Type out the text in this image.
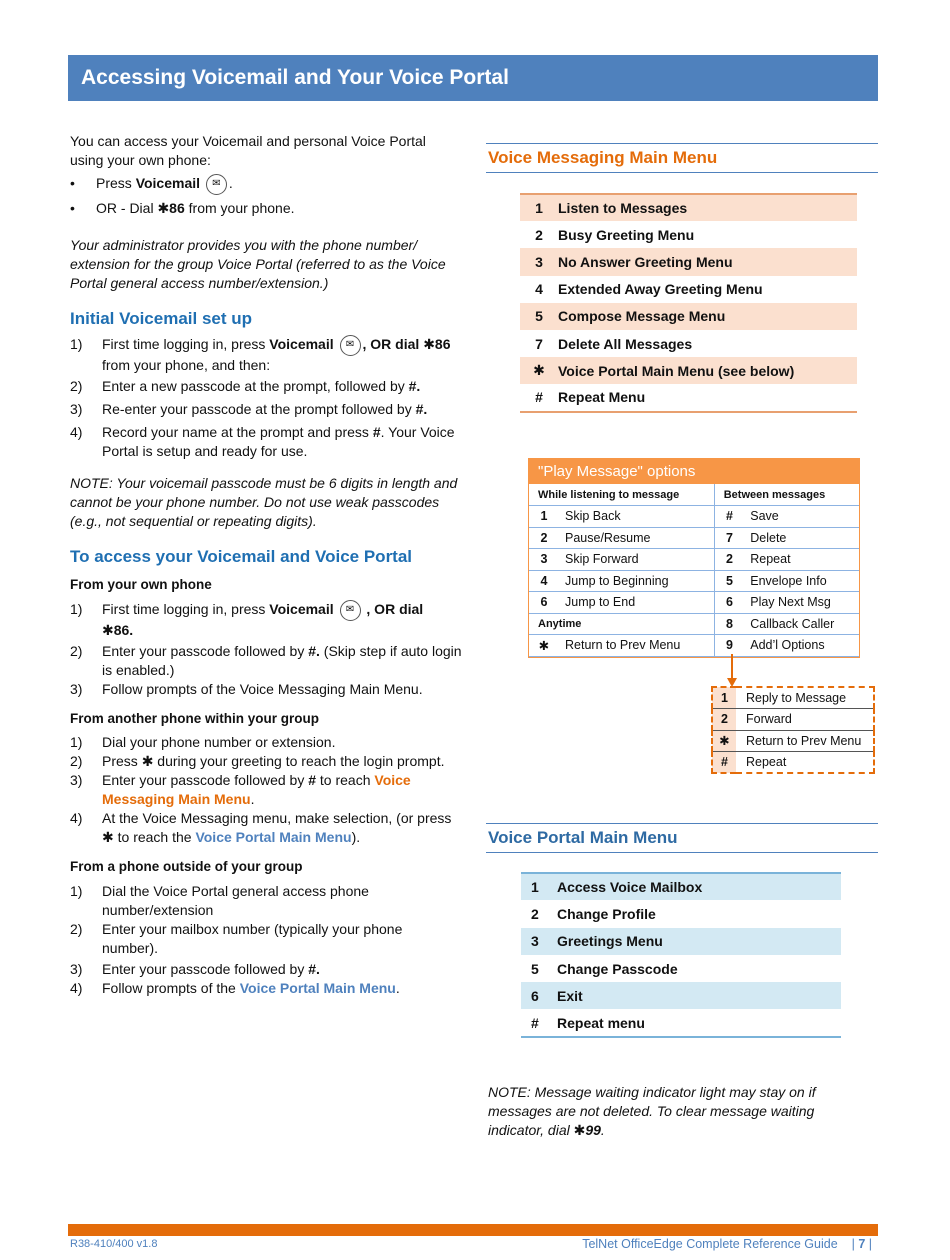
Accessing Voicemail and Your Voice Portal

You can access your Voicemail and personal Voice Portal using your own phone:

• Press Voicemail ✉ .
• OR - Dial ✱86 from your phone.

Your administrator provides you with the phone number/ extension for the group Voice Portal (referred to as the Voice Portal general access number/extension.)

Initial Voicemail set up
1) First time logging in, press Voicemail ✉ , OR dial ✱86 from your phone, and then:
2) Enter a new passcode at the prompt, followed by #.
3) Re-enter your passcode at the prompt followed by #.
4) Record your name at the prompt and press #. Your Voice Portal is setup and ready for use.

NOTE: Your voicemail passcode must be 6 digits in length and cannot be your phone number. Do not use weak passcodes (e.g., not sequential or repeating digits).

To access your Voicemail and Voice Portal
From your own phone
1) First time logging in, press Voicemail ✉ , OR dial
✱86.
2) Enter your passcode followed by #. (Skip step if auto login is enabled.)
3) Follow prompts of the Voice Messaging Main Menu.
From another phone within your group
1) Dial your phone number or extension.
2) Press ✱ during your greeting to reach the login prompt.
3) Enter your passcode followed by # to reach Voice Messaging Main Menu.
4) At the Voice Messaging menu, make selection, (or press ✱ to reach the Voice Portal Main Menu).
From a phone outside of your group
1) Dial the Voice Portal general access phone number/extension
2) Enter your mailbox number (typically your phone number).
3) Enter your passcode followed by #.
4) Follow prompts of the Voice Portal Main Menu.
Voice Messaging Main Menu
1	Listen to Messages
2	Busy Greeting Menu
3	No Answer Greeting Menu
4	Extended Away Greeting Menu
5	Compose Message Menu
7	Delete All Messages
✱	Voice Portal Main Menu (see below)
#	Repeat Menu
"Play Message" options
While listening to message		Between messages	
1	Skip Back	#	Save
2	Pause/Resume	7	Delete
3	Skip Forward	2	Repeat
4	Jump to Beginning	5	Envelope Info
6	Jump to End	6	Play Next Msg
Anytime		8	Callback Caller
✱	Return to Prev Menu	9	Add’l Options
1	Reply to Message
2	Forward
✱	Return to Prev Menu
#	Repeat
Voice Portal Main Menu
1	Access Voice Mailbox
2	Change Profile
3	Greetings Menu
5	Change Passcode
6	Exit
#	Repeat menu
NOTE: Message waiting indicator light may stay on if messages are not deleted. To clear message waiting indicator, dial ✱99.
R38-410/400 v1.8	TelNet OfficeEdge Complete Reference Guide | 7 |
